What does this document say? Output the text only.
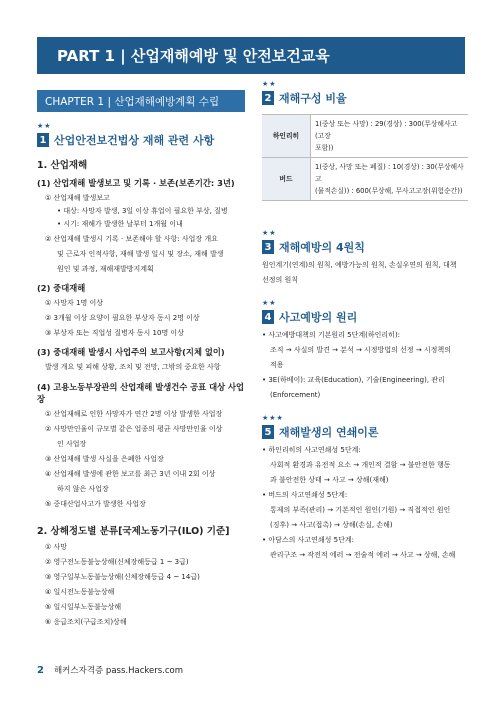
PART 1 | 산업재해예방 및 안전보건교육
CHAPTER 1 | 산업재해예방계획 수립
★★
1 산업안전보건법상 재해 관련 사항
1. 산업재해
(1) 산업재해 발생보고 및 기록 · 보존(보존기간: 3년)
① 산업재해 발생보고
• 대상: 사망자 발생, 3일 이상 휴업이 필요한 부상, 질병
• 시기: 재해가 발생한 날부터 1개월 이내
② 산업재해 발생시 기록 · 보존해야 할 사항: 사업장 개요
및 근로자 인적사항, 재해 발생 일시 및 장소, 재해 발생
원인 및 과정, 재해재발방지계획
(2) 중대재해
① 사망자 1명 이상
② 3개월 이상 요양이 필요한 부상자 동시 2명 이상
③ 부상자 또는 직업성 질병자 동시 10명 이상
(3) 중대재해 발생시 사업주의 보고사항(지체 없이)
발생 개요 및 피해 상황, 조치 및 전망, 그밖의 중요한 사항
(4) 고용노동부장관의 산업재해 발생건수 공표 대상 사업장
① 산업재해로 인한 사망자가 연간 2명 이상 발생한 사업장
② 사망만인율이 규모별 같은 업종의 평균 사망만인율 이상
인 사업장
③ 산업재해 발생 사실을 은폐한 사업장
④ 산업재해 발생에 관한 보고를 최근 3년 이내 2회 이상
하지 않은 사업장
⑤ 중대산업사고가 발생한 사업장
2. 상해정도별 분류[국제노동기구(ILO) 기준]
① 사망
② 영구전노동불능상해(신체장해등급 1 ~ 3급)
③ 영구일부노동불능상해(신체장해등급 4 ~ 14급)
④ 일시전노동불능상해
⑤ 일시일부노동불능상해
⑥ 응급조치(구급조치)상해
★★
2 재해구성 비율
하인리히	1(중상 또는 사망) : 29(경상) : 300(무상해사고(고장
포함))

버드	1(중상, 사망 또는 폐질) : 10(경상) : 30(무상해사고
(물적손실)) : 600(무상해, 무사고고장(위험순간))
★★
3 재해예방의 4원칙
원인계기(연계)의 원칙, 예방가능의 원칙, 손실우연의 원칙, 대책
선정의 원칙
★★
4 사고예방의 원리
• 사고예방대책의 기본원리 5단계(하인리히):
조직 → 사실의 발견 → 분석 → 시정방법의 선정 → 시정책의
적용
• 3E(하베이): 교육(Education), 기술(Engineering), 관리
(Enforcement)
★★★
5 재해발생의 연쇄이론
• 하인리히의 사고연쇄성 5단계:
사회적 환경과 유전적 요소 → 개인적 결함 → 불안전한 행동
과 불안전한 상태 → 사고 → 상해(재해)
• 버드의 사고연쇄성 5단계:
통제의 부족(관리) → 기본적인 원인(기원) → 직접적인 원인
(징후) → 사고(접촉) → 상해(손실, 손해)
• 아담스의 사고연쇄성 5단계:
관리구조 → 작전적 에러 → 전술적 에러 → 사고 → 상해, 손해
2 해커스자격증 pass.Hackers.com
